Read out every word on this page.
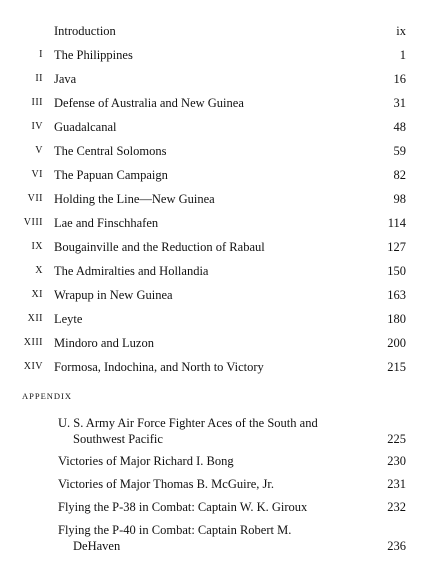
Introduction	ix
I The Philippines	1
II Java	16
III Defense of Australia and New Guinea	31
IV Guadalcanal	48
V The Central Solomons	59
VI The Papuan Campaign	82
VII Holding the Line—New Guinea	98
VIII Lae and Finschhafen	114
IX Bougainville and the Reduction of Rabaul	127
X The Admiralties and Hollandia	150
XI Wrapup in New Guinea	163
XII Leyte	180
XIII Mindoro and Luzon	200
XIV Formosa, Indochina, and North to Victory	215
APPENDIX
U. S. Army Air Force Fighter Aces of the South and
Southwest Pacific	225
Victories of Major Richard I. Bong	230
Victories of Major Thomas B. McGuire, Jr.	231
Flying the P-38 in Combat: Captain W. K. Giroux	232
Flying the P-40 in Combat: Captain Robert M.
DeHaven	236
